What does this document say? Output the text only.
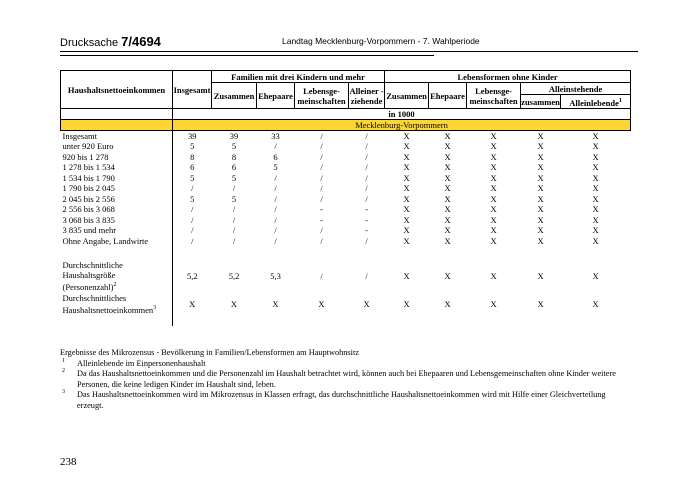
Drucksache 7/4694	Landtag Mecklenburg-Vorpommern - 7. Wahlperiode
Haushaltsnettoeinkommen	Insgesamt	Familien mit drei Kindern und mehr				Lebensformen ohne Kinder				
		Zusammen	Ehepaare	Lebensge-meinschaften	Alleiner - ziehende	Zusammen	Ehepaare	Lebensge-meinschaften	Alleinstehende	
									zusammen	Alleinlebende$^1$
	in 1000									
	Mecklenburg-Vorpommern									
Insgesamt	39	39	33	/	/	X	X	X	X	X
unter 920 Euro	5	5	/	/	/	X	X	X	X	X
920 bis 1 278	8	8	6	/	/	X	X	X	X	X
1 278 bis 1 534	6	6	5	/	/	X	X	X	X	X
1 534 bis 1 790	5	5	/	/	/	X	X	X	X	X
1 790 bis 2 045	/	/	/	/	/	X	X	X	X	X
2 045 bis 2 556	5	5	/	/	/	X	X	X	X	X
2 556 bis 3 068	/	/	/	-	-	X	X	X	X	X
3 068 bis 3 835	/	/	/	-	-	X	X	X	X	X
3 835 und mehr	/	/	/	/	-	X	X	X	X	X
Ohne Angabe, Landwirte	/	/	/	/	/	X	X	X	X	X

Durchschnittliche
Haushaltsgröße
(Personenzahl)$^2$	5,2	5,2	5,3	/	/	X	X	X	X	X
Durchschnittliches
Haushaltsnettoeinkommen$^3$	X	X	X	X	X	X	X	X	X	X

Ergebnisse des Mikrozensus - Bevölkerung in Familien/Lebensformen am Hauptwohnsitz
1 Alleinlebende im Einpersonenhaushalt
2 Da das Haushaltsnettoeinkommen und die Personenzahl im Haushalt betrachtet wird, können auch bei Ehepaaren und Lebensgemeinschaften ohne Kinder weitere Personen, die keine ledigen Kinder im Haushalt sind, leben.
3 Das Haushaltsnettoeinkommen wird im Mikrozensus in Klassen erfragt, das durchschnittliche Haushaltsnettoeinkommen wird mit Hilfe einer Gleichverteilung erzeugt.
238
